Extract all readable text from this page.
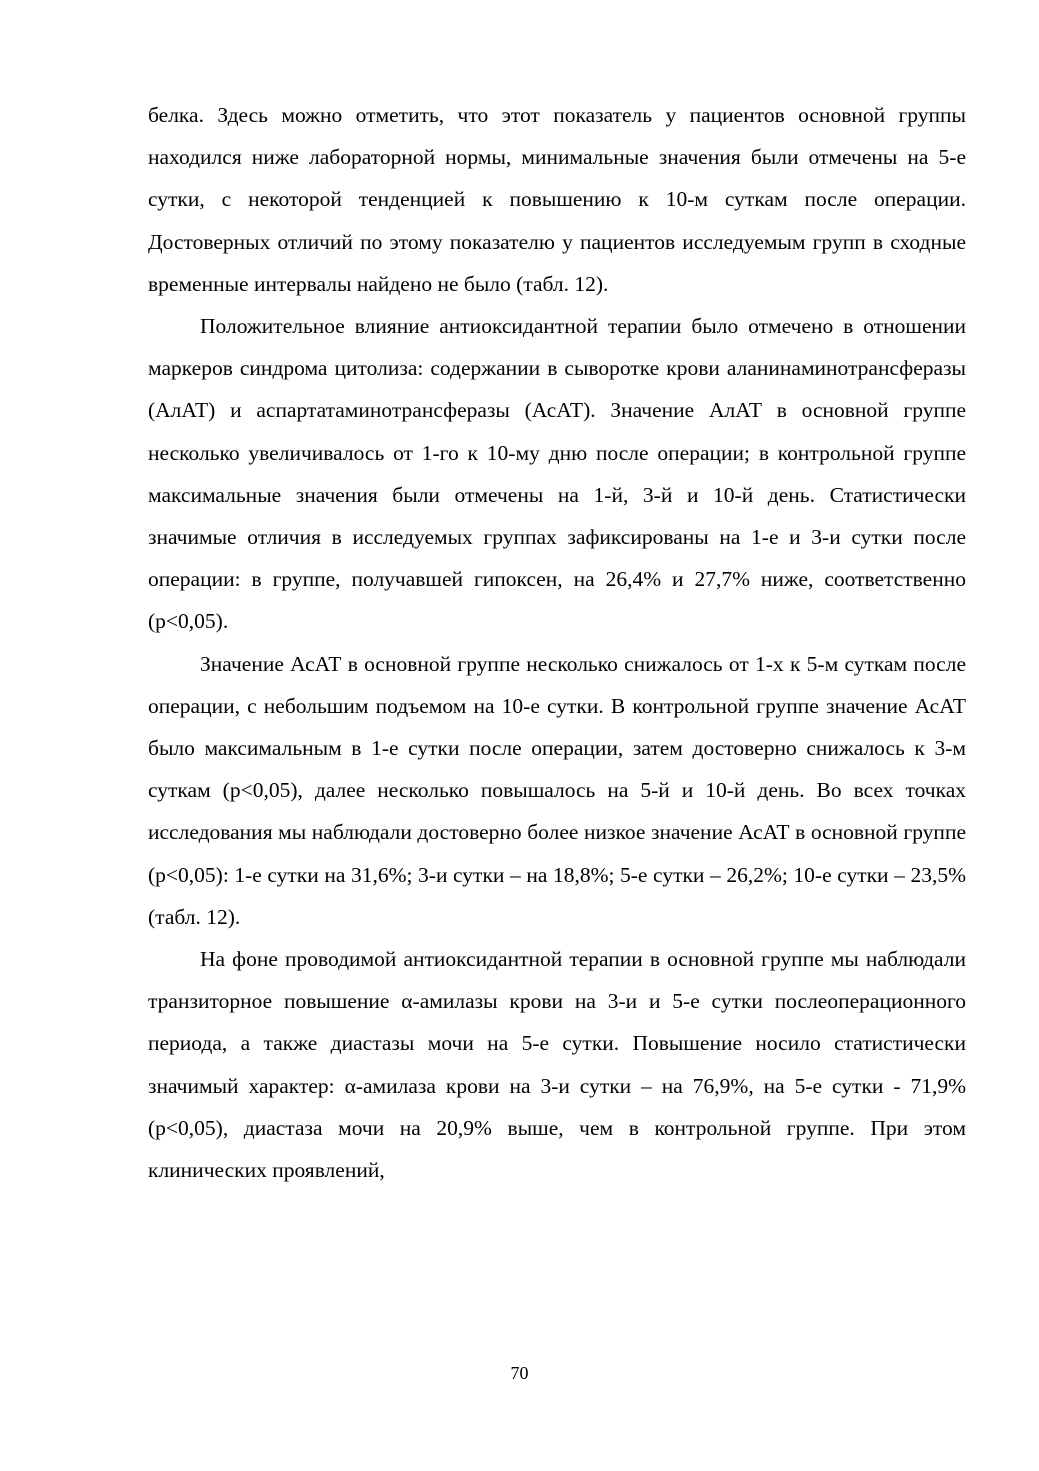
белка. Здесь можно отметить, что этот показатель у пациентов основной группы находился ниже лабораторной нормы, минимальные значения были отмечены на 5-е сутки, с некоторой тенденцией к повышению к 10-м суткам после операции. Достоверных отличий по этому показателю у пациентов исследуемым групп в сходные временные интервалы найдено не было (табл. 12).

Положительное влияние антиоксидантной терапии было отмечено в отношении маркеров синдрома цитолиза: содержании в сыворотке крови аланинаминотрансферазы (АлАТ) и аспартатаминотрансферазы (АсАТ). Значение АлАТ в основной группе несколько увеличивалось от 1-го к 10-му дню после операции; в контрольной группе максимальные значения были отмечены на 1-й, 3-й и 10-й день. Статистически значимые отличия в исследуемых группах зафиксированы на 1-е и 3-и сутки после операции: в группе, получавшей гипоксен, на 26,4% и 27,7% ниже, соответственно (p<0,05).

Значение АсАТ в основной группе несколько снижалось от 1-х к 5-м суткам после операции, с небольшим подъемом на 10-е сутки. В контрольной группе значение АсАТ было максимальным в 1-е сутки после операции, затем достоверно снижалось к 3-м суткам (p<0,05), далее несколько повышалось на 5-й и 10-й день. Во всех точках исследования мы наблюдали достоверно более низкое значение АсАТ в основной группе (p<0,05): 1-е сутки на 31,6%; 3-и сутки – на 18,8%; 5-е сутки – 26,2%; 10-е сутки – 23,5% (табл. 12).

На фоне проводимой антиоксидантной терапии в основной группе мы наблюдали транзиторное повышение α-амилазы крови на 3-и и 5-е сутки послеоперационного периода, а также диастазы мочи на 5-е сутки. Повышение носило статистически значимый характер: α-амилаза крови на 3-и сутки – на 76,9%, на 5-е сутки - 71,9% (p<0,05), диастаза мочи на 20,9% выше, чем в контрольной группе. При этом клинических проявлений,

70
